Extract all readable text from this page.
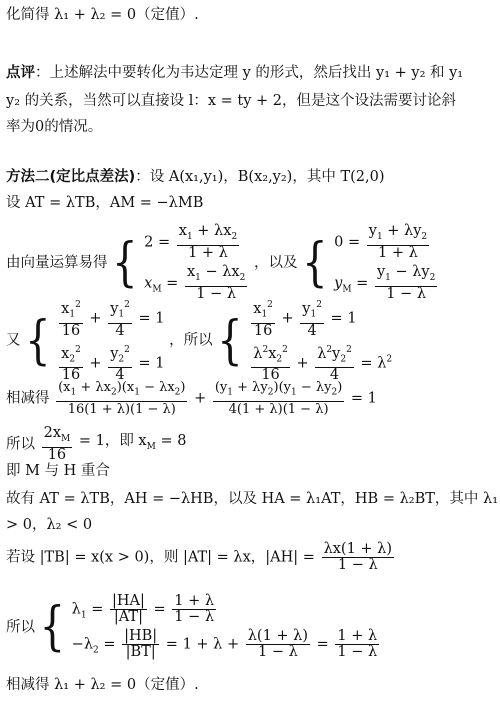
化简得 λ₁ + λ₂ = 0（定值）.
点评：上述解法中要转化为韦达定理 y 的形式，然后找出 y₁ + y₂ 和 y₁
y₂ 的关系，当然可以直接设 l：x = ty + 2，但是这个设法需要讨论斜
率为0的情况。
方法二(定比点差法)：设 A(x₁,y₁)，B(x₂,y₂)，其中 T(2,0)
设 AT = λTB，AM = −λMB
由向量运算易得 { $2 = \frac{x_1 + \lambda x_2}{1 + \lambda}$
$x_M = \frac{x_1 - \lambda x_2}{1 - \lambda}$
，以及 { $0 = \frac{y_1 + \lambda y_2}{1 + \lambda}$
$y_M = \frac{y_1 - \lambda y_2}{1 - \lambda}$
又 { $\frac{x_1^2}{16} + \frac{y_1^2}{4} = 1$
$\frac{x_2^2}{16} + \frac{y_2^2}{4} = 1$
，所以 { $\frac{x_1^2}{16} + \frac{y_1^2}{4} = 1$
$\frac{\lambda^2x_2^2}{16} + \frac{\lambda^2y_2^2}{4} = \lambda^2$
相减得 $\frac{(x_1 + \lambda x_2)(x_1 - \lambda x_2)}{16(1 + \lambda)(1 - \lambda)} + \frac{(y_1 + \lambda y_2)(y_1 - \lambda y_2)}{4(1 + \lambda)(1 - \lambda)} = 1$
所以 $\frac{2x_M}{16} = 1$，即 $x_M = 8$
即 M 与 H 重合
故有 AT = λTB，AH = −λHB，以及 HA = λ₁AT，HB = λ₂BT，其中 λ₁
> 0，λ₂ < 0
若设 |TB| = x(x > 0)，则 |AT| = λx，$|AH| = \frac{\lambda x(1 + \lambda)}{1 - \lambda}$
所以 { $\lambda_1 = \frac{|HA|}{|AT|} = \frac{1 + \lambda}{1 - \lambda}$
$-\lambda_2 = \frac{|HB|}{|BT|} = 1 + \lambda + \frac{\lambda(1 + \lambda)}{1 - \lambda} = \frac{1 + \lambda}{1 - \lambda}$
相减得 λ₁ + λ₂ = 0（定值）.
